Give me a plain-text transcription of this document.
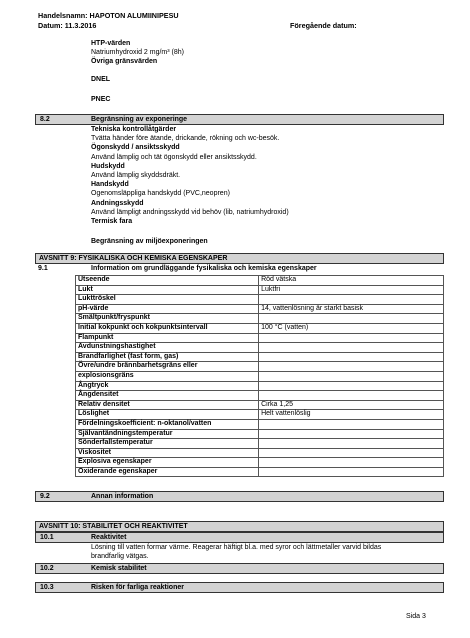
Handelsnamn: HAPOTON ALUMIINIPESU
Datum: 11.3.2016	Föregående datum:
HTP-värden
Natriumhydroxid 2 mg/m³ (8h)
Övriga gränsvärden
DNEL
PNEC
8.2	Begränsning av exponeringe
Tekniska kontrollåtgärder
Tvätta händer före ätande, drickande, rökning och wc-besök.
Ögonskydd / ansiktsskydd
Använd lämplig och tät ögonskydd eller ansiktsskydd.
Hudskydd
Använd lämplig skyddsdräkt.
Handskydd
Ogenomsläppliga handskydd (PVC,neopren)
Andningsskydd
Använd lämpligt andningsskydd vid behöv (lib, natriumhydroxid)
Termisk fara
Begränsning av miljöexponeringen
AVSNITT 9: FYSIKALISKA OCH KEMISKA EGENSKAPER
9.1	Information om grundläggande fysikaliska och kemiska egenskaper
Utseende	Röd vätska
Lukt	Luktfri
Lukttröskel	
pH-värde	14, vattenlösning är starkt basisk
Smältpunkt/fryspunkt	
Initial kokpunkt och kokpunktsintervall	100 °C (vatten)
Flampunkt	
Avdunstningshastighet	
Brandfarlighet (fast form, gas)	
Övre/undre brännbarhetsgräns eller	
explosionsgräns	
Ångtryck	
Ångdensitet	
Relativ densitet	Cirka 1,25
Löslighet	Helt vattenlöslig
Fördelningskoefficient: n-oktanol/vatten	
Självantändningstemperatur	
Sönderfallstemperatur	
Viskositet	
Explosiva egenskaper	
Oxiderande egenskaper	
9.2	Annan information
AVSNITT 10: STABILITET OCH REAKTIVITET
10.1	Reaktivitet
Lösning till vatten formar värme. Reagerar häftigt bl.a. med syror och lättmetaller varvid bildas
brandfarlig vätgas.
10.2	Kemisk stabilitet
10.3	Risken för farliga reaktioner
Sida 3
